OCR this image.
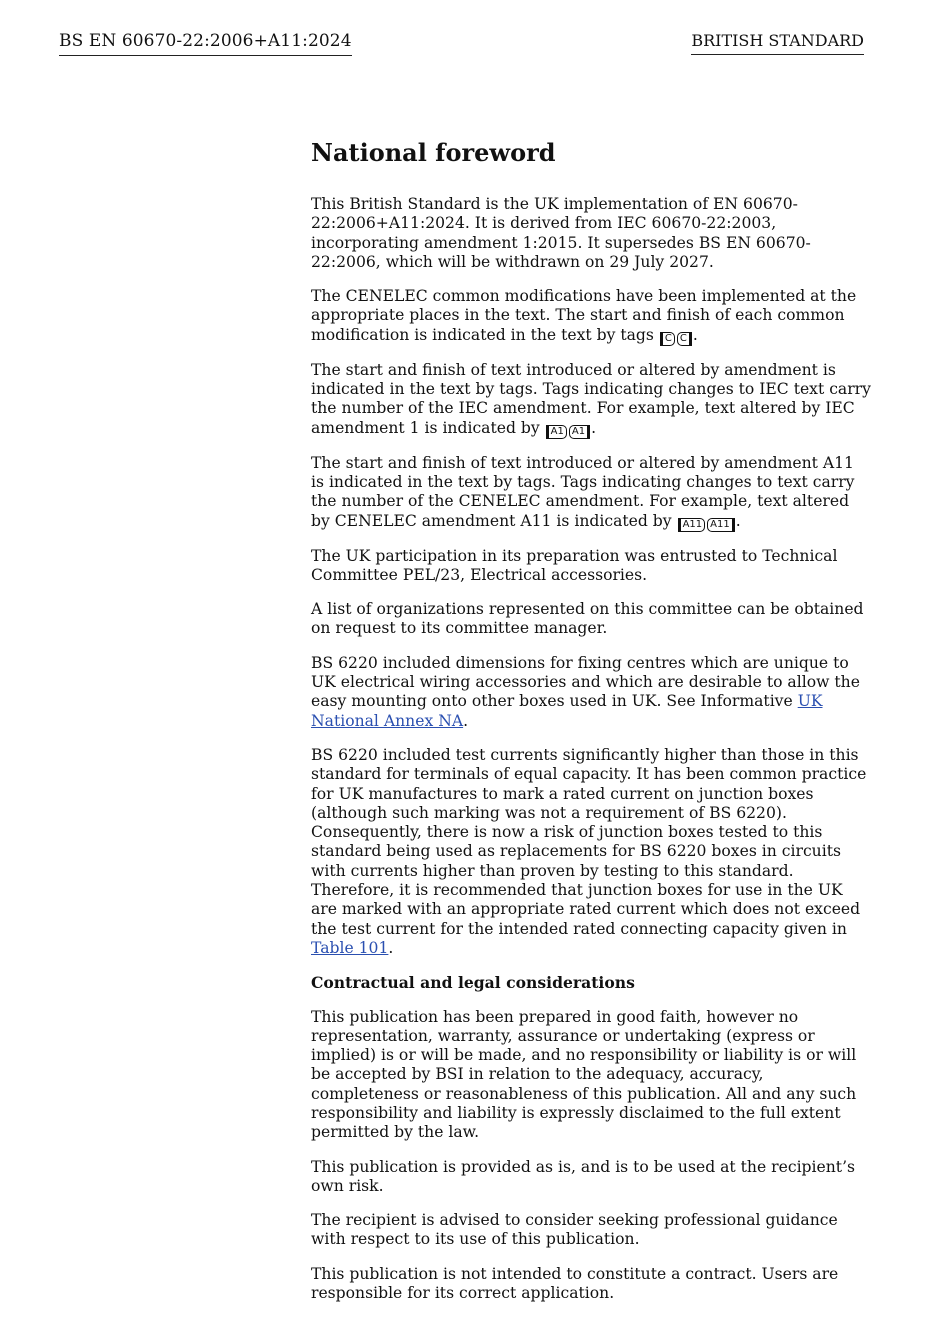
BS EN 60670-22:2006+A11:2024	BRITISH STANDARD
National foreword

This British Standard is the UK implementation of EN 60670-22:2006+A11:2024. It is derived from IEC 60670-22:2003, incorporating amendment 1:2015. It supersedes BS EN 60670-22:2006, which will be withdrawn on 29 July 2027.

The CENELEC common modifications have been implemented at the appropriate places in the text. The start and finish of each common modification is indicated in the text by tags C C .

The start and finish of text introduced or altered by amendment is indicated in the text by tags. Tags indicating changes to IEC text carry the number of the IEC amendment. For example, text altered by IEC amendment 1 is indicated by A1 A1 .

The start and finish of text introduced or altered by amendment A11 is indicated in the text by tags. Tags indicating changes to text carry the number of the CENELEC amendment. For example, text altered by CENELEC amendment A11 is indicated by A11 A11 .

The UK participation in its preparation was entrusted to Technical Committee PEL/23, Electrical accessories.

A list of organizations represented on this committee can be obtained on request to its committee manager.

BS 6220 included dimensions for fixing centres which are unique to UK electrical wiring accessories and which are desirable to allow the easy mounting onto other boxes used in UK. See Informative UK National Annex NA.

BS 6220 included test currents significantly higher than those in this standard for terminals of equal capacity. It has been common practice for UK manufactures to mark a rated current on junction boxes (although such marking was not a requirement of BS 6220). Consequently, there is now a risk of junction boxes tested to this standard being used as replacements for BS 6220 boxes in circuits with currents higher than proven by testing to this standard. Therefore, it is recommended that junction boxes for use in the UK are marked with an appropriate rated current which does not exceed the test current for the intended rated connecting capacity given in Table 101.

Contractual and legal considerations

This publication has been prepared in good faith, however no representation, warranty, assurance or undertaking (express or implied) is or will be made, and no responsibility or liability is or will be accepted by BSI in relation to the adequacy, accuracy, completeness or reasonableness of this publication. All and any such responsibility and liability is expressly disclaimed to the full extent permitted by the law.

This publication is provided as is, and is to be used at the recipient’s own risk.

The recipient is advised to consider seeking professional guidance with respect to its use of this publication.

This publication is not intended to constitute a contract. Users are responsible for its correct application.
